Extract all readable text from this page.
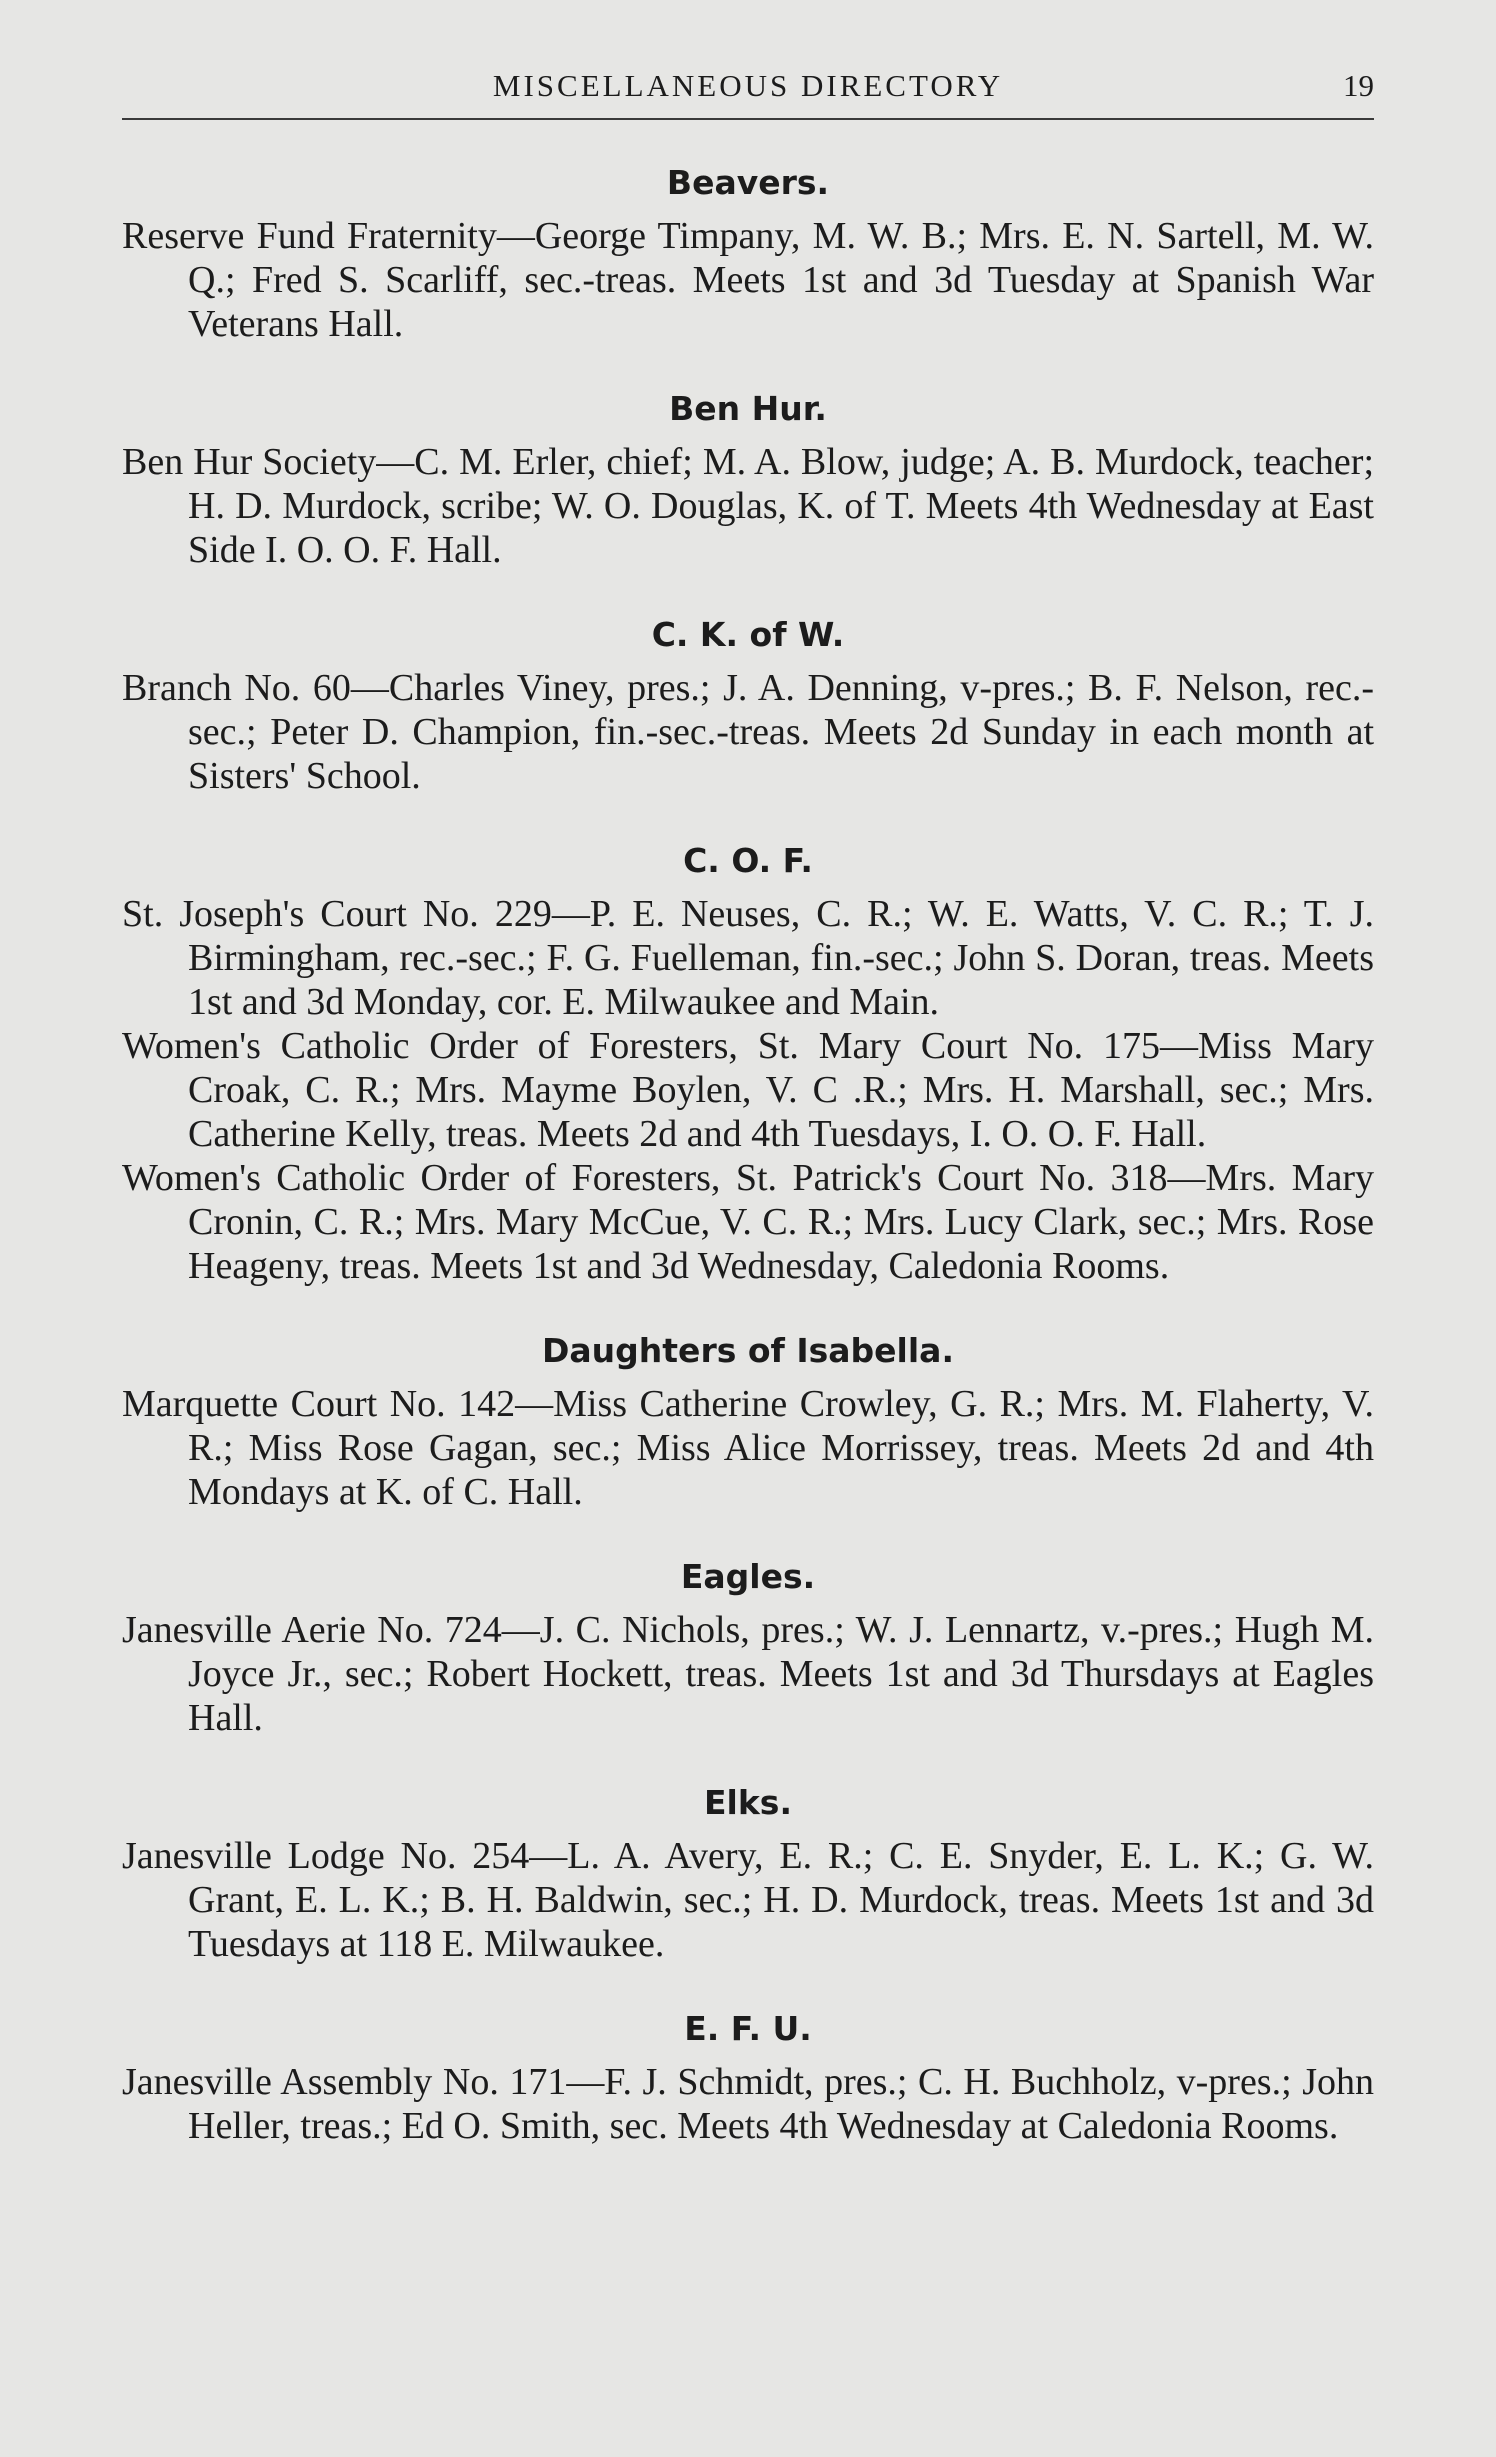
MISCELLANEOUS DIRECTORY	19
Beavers.

Reserve Fund Fraternity—George Timpany, M. W. B.; Mrs. E. N. Sartell, M. W. Q.; Fred S. Scarliff, sec.-treas. Meets 1st and 3d Tuesday at Spanish War Veterans Hall.

Ben Hur.

Ben Hur Society—C. M. Erler, chief; M. A. Blow, judge; A. B. Murdock, teacher; H. D. Murdock, scribe; W. O. Douglas, K. of T. Meets 4th Wednesday at East Side I. O. O. F. Hall.

C. K. of W.

Branch No. 60—Charles Viney, pres.; J. A. Denning, v-pres.; B. F. Nelson, rec.-sec.; Peter D. Champion, fin.-sec.-treas. Meets 2d Sunday in each month at Sisters' School.

C. O. F.

St. Joseph's Court No. 229—P. E. Neuses, C. R.; W. E. Watts, V. C. R.; T. J. Birmingham, rec.-sec.; F. G. Fuelleman, fin.-sec.; John S. Doran, treas. Meets 1st and 3d Monday, cor. E. Milwaukee and Main.

Women's Catholic Order of Foresters, St. Mary Court No. 175—Miss Mary Croak, C. R.; Mrs. Mayme Boylen, V. C .R.; Mrs. H. Marshall, sec.; Mrs. Catherine Kelly, treas. Meets 2d and 4th Tuesdays, I. O. O. F. Hall.

Women's Catholic Order of Foresters, St. Patrick's Court No. 318—Mrs. Mary Cronin, C. R.; Mrs. Mary McCue, V. C. R.; Mrs. Lucy Clark, sec.; Mrs. Rose Heageny, treas. Meets 1st and 3d Wednesday, Caledonia Rooms.

Daughters of Isabella.

Marquette Court No. 142—Miss Catherine Crowley, G. R.; Mrs. M. Flaherty, V. R.; Miss Rose Gagan, sec.; Miss Alice Morrissey, treas. Meets 2d and 4th Mondays at K. of C. Hall.

Eagles.

Janesville Aerie No. 724—J. C. Nichols, pres.; W. J. Lennartz, v.-pres.; Hugh M. Joyce Jr., sec.; Robert Hockett, treas. Meets 1st and 3d Thursdays at Eagles Hall.

Elks.

Janesville Lodge No. 254—L. A. Avery, E. R.; C. E. Snyder, E. L. K.; G. W. Grant, E. L. K.; B. H. Baldwin, sec.; H. D. Murdock, treas. Meets 1st and 3d Tuesdays at 118 E. Milwaukee.

E. F. U.

Janesville Assembly No. 171—F. J. Schmidt, pres.; C. H. Buchholz, v-pres.; John Heller, treas.; Ed O. Smith, sec. Meets 4th Wednesday at Caledonia Rooms.
